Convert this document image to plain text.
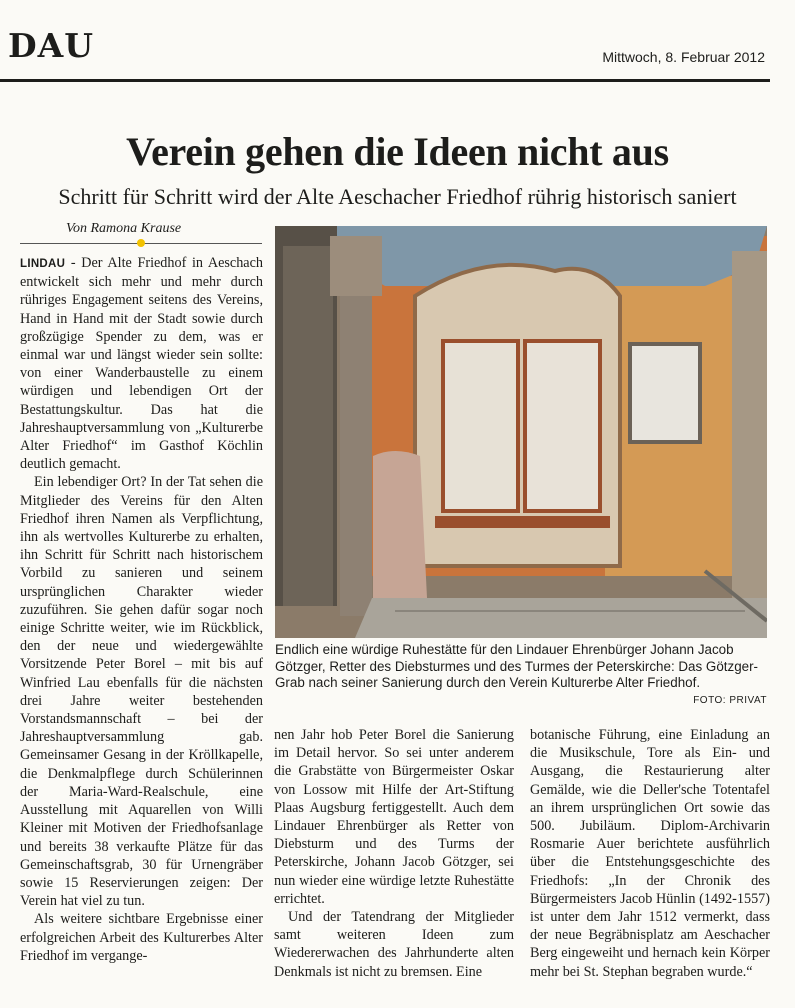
DAU	Mittwoch, 8. Februar 2012
Verein gehen die Ideen nicht aus
Schritt für Schritt wird der Alte Aeschacher Friedhof rührig historisch saniert
Von Ramona Krause

LINDAU - Der Alte Friedhof in Aeschach entwickelt sich mehr und mehr durch rühriges Engagement seitens des Vereins, Hand in Hand mit der Stadt sowie durch großzügige Spender zu dem, was er einmal war und längst wieder sein sollte: von einer Wanderbaustelle zu einem würdigen und lebendigen Ort der Bestattungskultur. Das hat die Jahreshauptversammlung von „Kulturerbe Alter Friedhof“ im Gasthof Köchlin deutlich gemacht.

Ein lebendiger Ort? In der Tat sehen die Mitglieder des Vereins für den Alten Friedhof ihren Namen als Verpflichtung, ihn als wertvolles Kulturerbe zu erhalten, ihn Schritt für Schritt nach historischem Vorbild zu sanieren und seinem ursprünglichen Charakter wieder zuzuführen. Sie gehen dafür sogar noch einige Schritte weiter, wie im Rückblick, den der neue und wiedergewählte Vorsitzende Peter Borel – mit bis auf Winfried Lau ebenfalls für die nächsten drei Jahre weiter bestehenden Vorstandsmannschaft – bei der Jahreshauptversammlung gab. Gemeinsamer Gesang in der Kröllkapelle, die Denkmalpflege durch Schülerinnen der Maria-Ward-Realschule, eine Ausstellung mit Aquarellen von Willi Kleiner mit Motiven der Friedhofsanlage und bereits 38 verkaufte Plätze für das Gemeinschaftsgrab, 30 für Urnengräber sowie 15 Reservierungen zeigen: Der Verein hat viel zu tun.

Als weitere sichtbare Ergebnisse einer erfolgreichen Arbeit des Kulturerbes Alter Friedhof im vergange-

Endlich eine würdige Ruhestätte für den Lindauer Ehrenbürger Johann Jacob Götzger, Retter des Diebsturmes und des Turmes der Peterskirche: Das Götzger-Grab nach seiner Sanierung durch den Verein Kulturerbe Alter Friedhof.
FOTO: PRIVAT

nen Jahr hob Peter Borel die Sanierung im Detail hervor. So sei unter anderem die Grabstätte von Bürgermeister Oskar von Lossow mit Hilfe der Art-Stiftung Plaas Augsburg fertiggestellt. Auch dem Lindauer Ehrenbürger als Retter von Diebsturm und des Turms der Peterskirche, Johann Jacob Götzger, sei nun wieder eine würdige letzte Ruhestätte errichtet.

Und der Tatendrang der Mitglieder samt weiteren Ideen zum Wiedererwachen des Jahrhunderte alten Denkmals ist nicht zu bremsen. Eine

botanische Führung, eine Einladung an die Musikschule, Tore als Ein- und Ausgang, die Restaurierung alter Gemälde, wie die Deller'sche Totentafel an ihrem ursprünglichen Ort sowie das 500. Jubiläum. Diplom-Archivarin Rosmarie Auer berichtete ausführlich über die Entstehungsgeschichte des Friedhofs: „In der Chronik des Bürgermeisters Jacob Hünlin (1492-1557) ist unter dem Jahr 1512 vermerkt, dass der neue Begräbnisplatz am Aeschacher Berg eingeweiht und hernach kein Körper mehr bei St. Stephan begraben wurde.“
